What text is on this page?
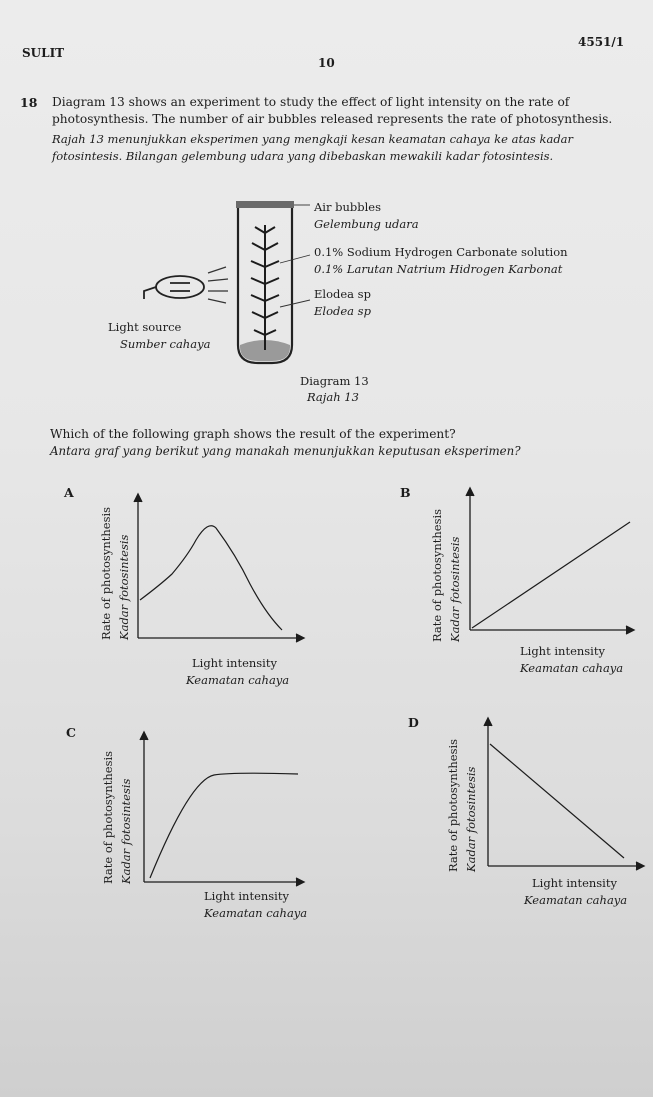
SULIT
10
4551/1
18 Diagram 13 shows an experiment to study the effect of light intensity on the rate of
photosynthesis. The number of air bubbles released represents the rate of photosynthesis.
Rajah 13 menunjukkan eksperimen yang mengkaji kesan keamatan cahaya ke atas kadar
fotosintesis. Bilangan gelembung udara yang dibebaskan mewakili kadar fotosintesis.
Air bubbles
Gelembung udara
0.1% Sodium Hydrogen Carbonate solution
0.1% Larutan Natrium Hidrogen Karbonat
Elodea sp
Elodea sp
Light source
Sumber cahaya
Diagram 13
Rajah 13
Which of the following graph shows the result of the experiment?
Antara graf yang berikut yang manakah menunjukkan keputusan eksperimen?
A
Rate of photosynthesis Kadar fotosintesis
Light intensity
Keamatan cahaya
B
Rate of photosynthesis Kadar fotosintesis
Light intensity
Keamatan cahaya
C
Rate of photosynthesis Kadar fotosintesis
Light intensity
Keamatan cahaya
D
Rate of photosynthesis Kadar fotosintesis
Light intensity
Keamatan cahaya
